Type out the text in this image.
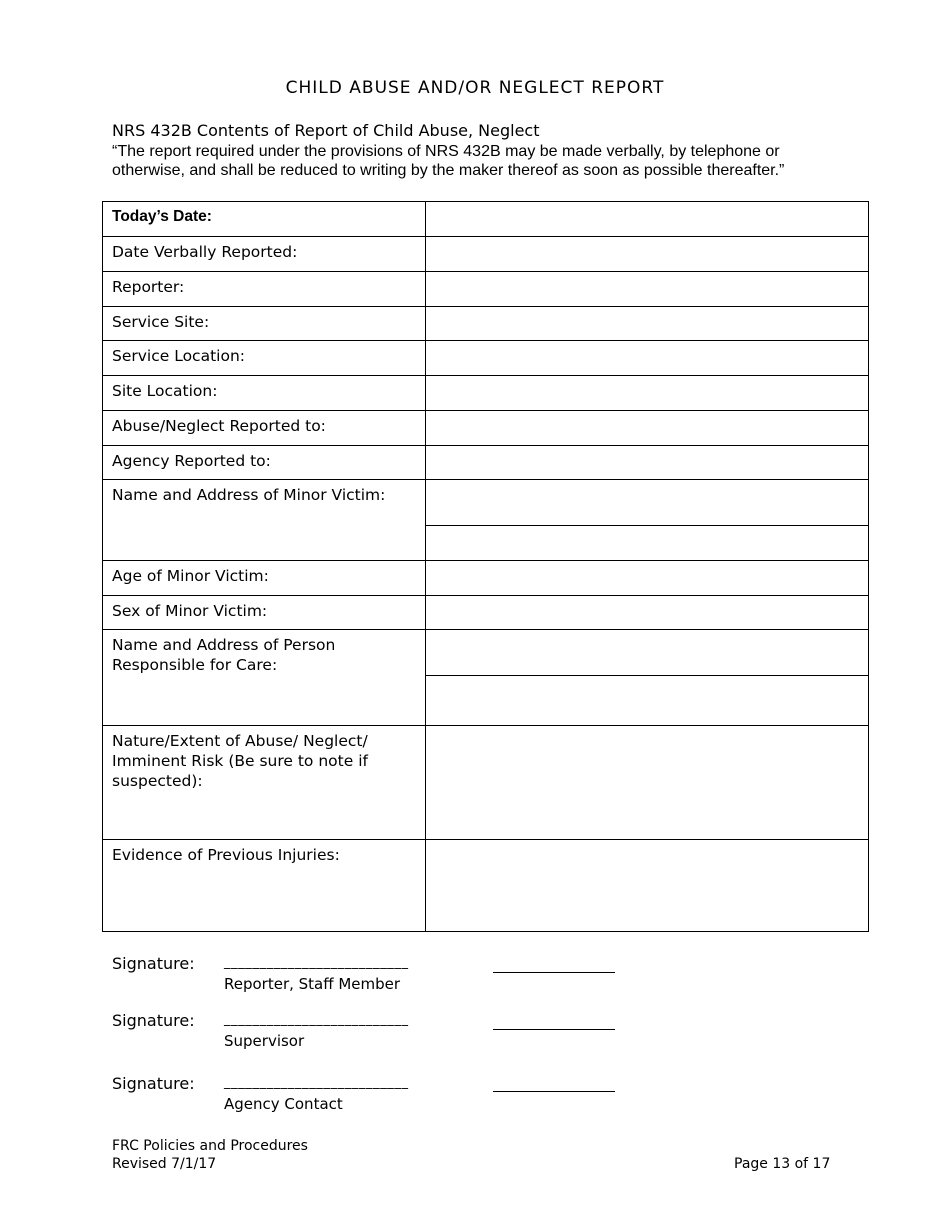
CHILD ABUSE AND/OR NEGLECT REPORT
NRS 432B Contents of Report of Child Abuse, Neglect
“The report required under the provisions of NRS 432B may be made verbally, by telephone or otherwise, and shall be reduced to writing by the maker thereof as soon as possible thereafter.”
Today’s Date:	
Date Verbally Reported:	
Reporter:	
Service Site:	
Service Location:	
Site Location:	
Abuse/Neglect Reported to:	
Agency Reported to:	
Name and Address of Minor Victim:	

Age of Minor Victim:	
Sex of Minor Victim:	
Name and Address of Person Responsible for Care:	

Nature/Extent of Abuse/ Neglect/ Imminent Risk (Be sure to note if suspected):	
Evidence of Previous Injuries:	
Signature: __________________________
Reporter, Staff Member
Signature: __________________________
Supervisor
Signature: __________________________
Agency Contact
FRC Policies and Procedures
Revised 7/1/17	Page 13 of 17
